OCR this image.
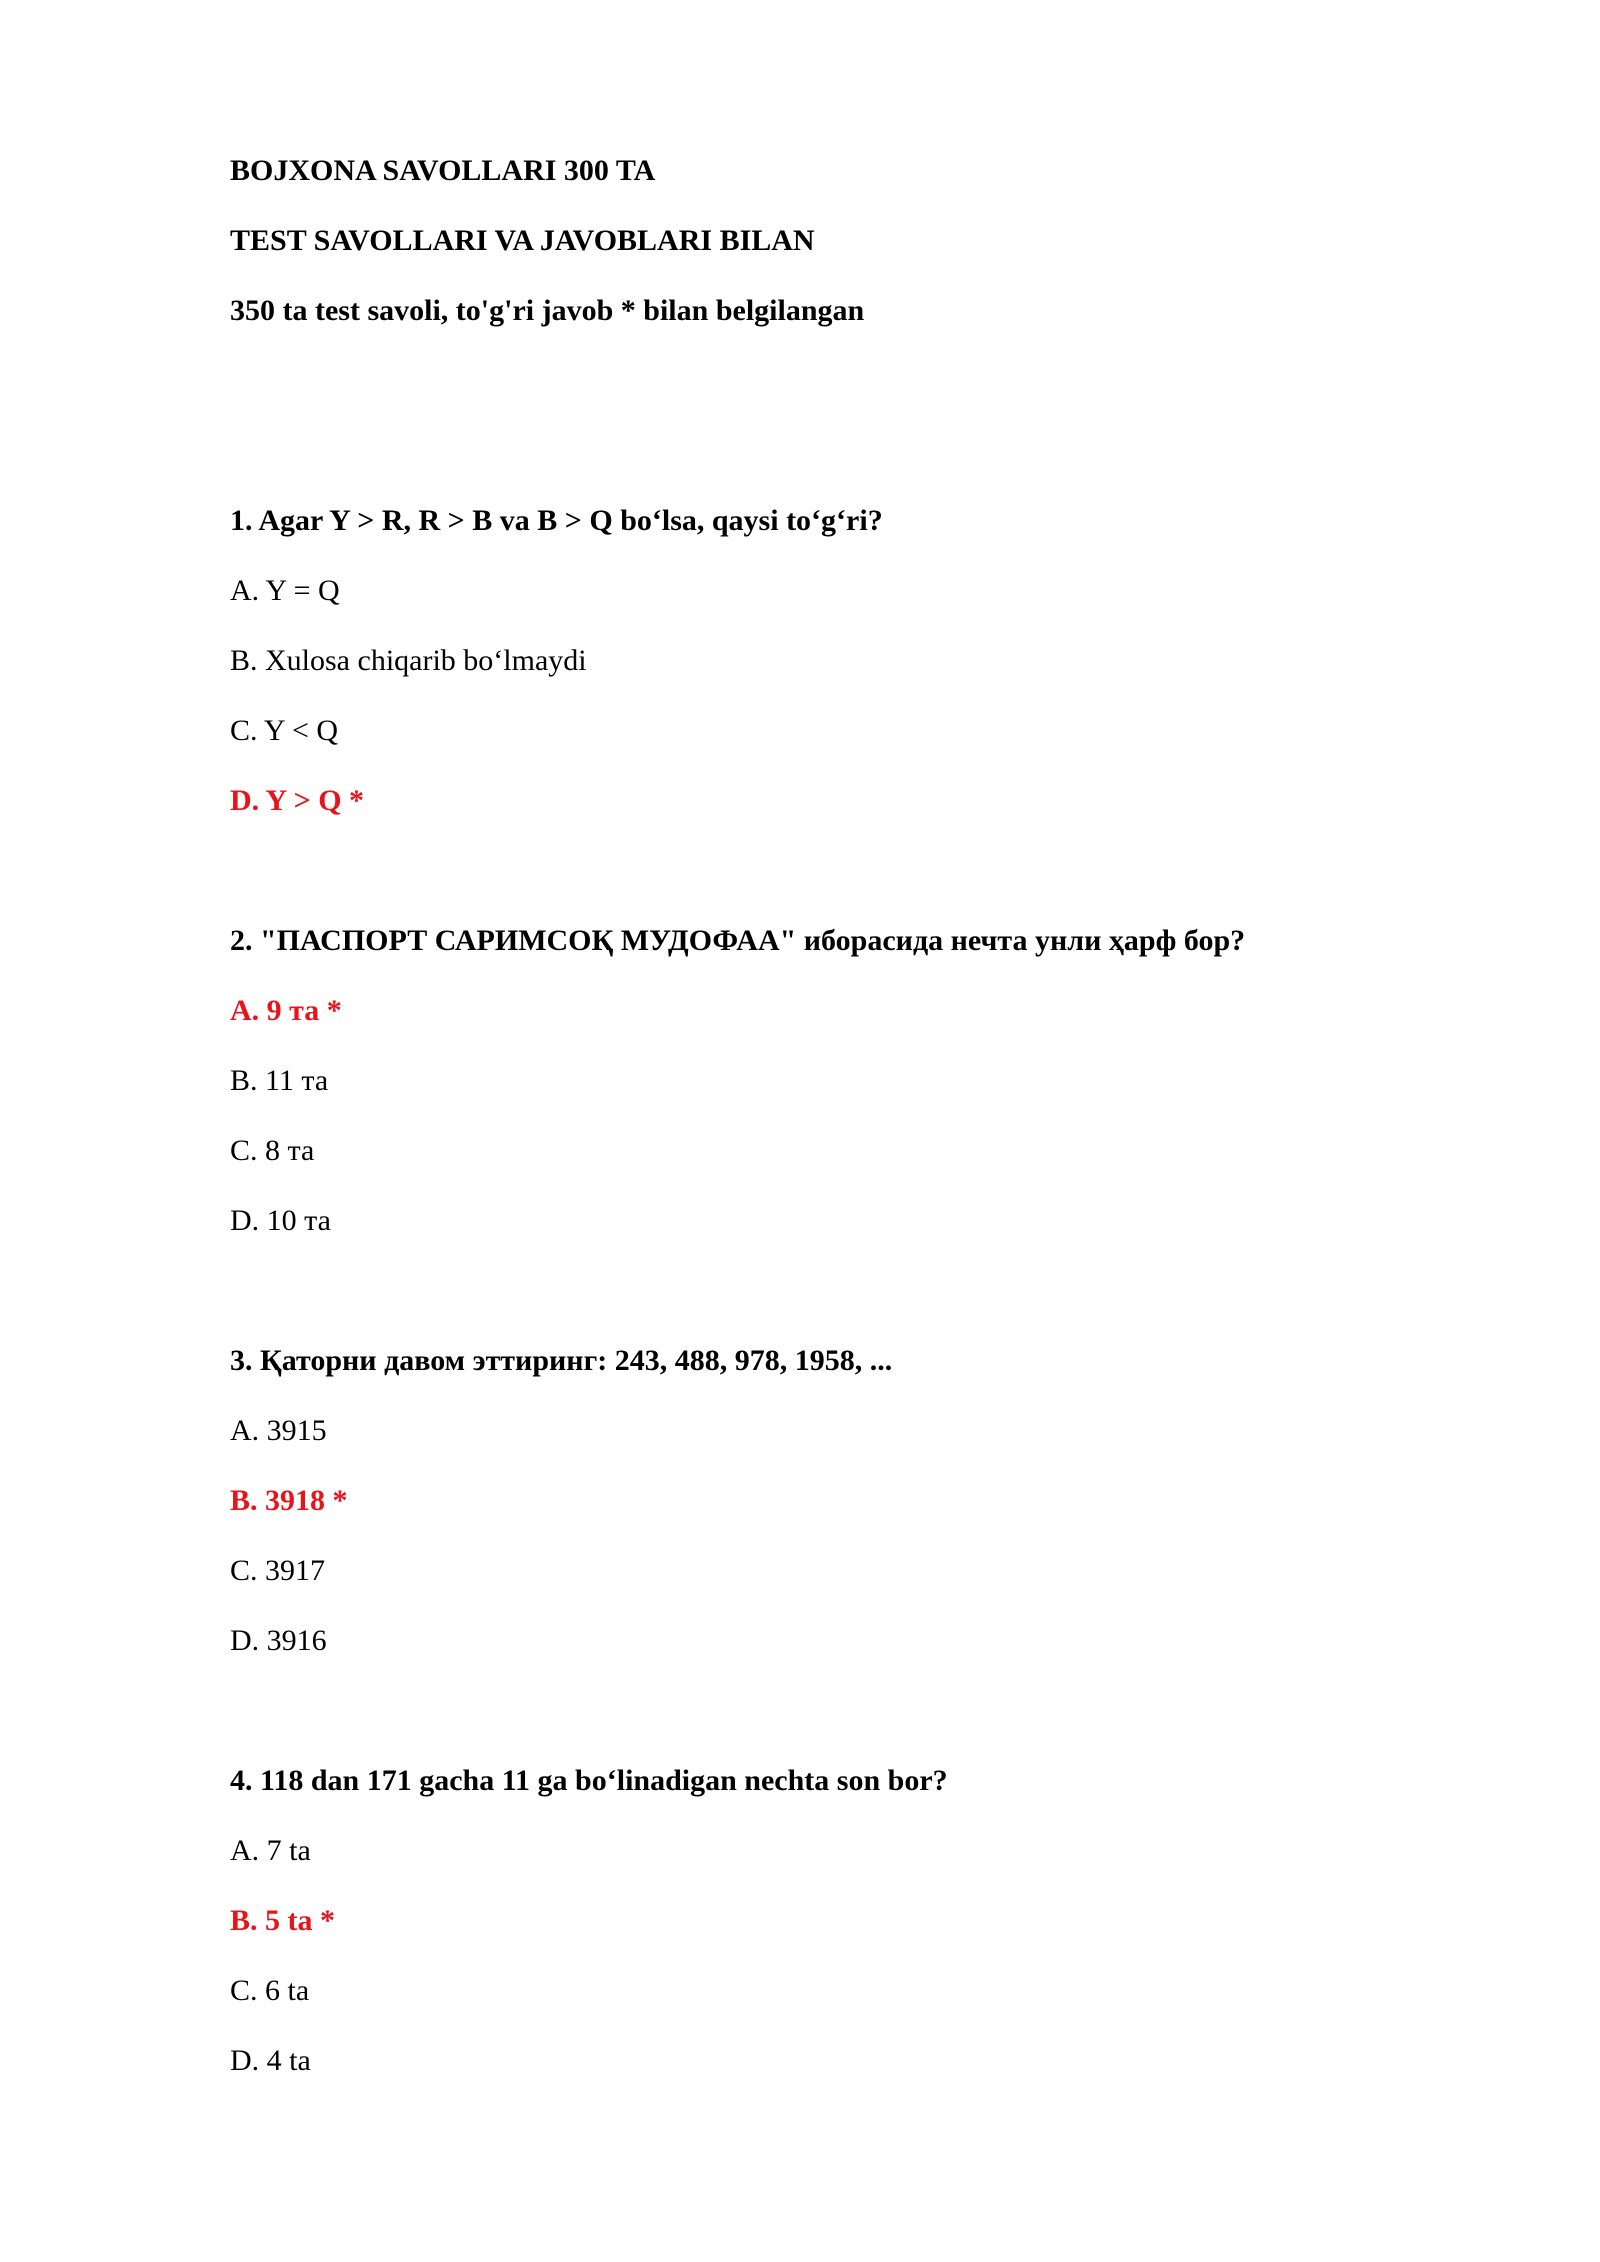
BOJXONA SAVOLLARI 300 TA
TEST SAVOLLARI VA JAVOBLARI BILAN
350 ta test savoli, to'g'ri javob * bilan belgilangan
1. Agar Y > R, R > B va B > Q bo‘lsa, qaysi to‘g‘ri?
A. Y = Q
B. Xulosa chiqarib bo‘lmaydi
C. Y < Q
D. Y > Q *
2. "ПАСПОРТ САРИМСОҚ МУДОФАА" иборасида нечта унли ҳарф бор?
A. 9 та *
B. 11 та
C. 8 та
D. 10 та
3. Қаторни давом эттиринг: 243, 488, 978, 1958, ...
A. 3915
B. 3918 *
C. 3917
D. 3916
4. 118 dan 171 gacha 11 ga bo‘linadigan nechta son bor?
A. 7 ta
B. 5 ta *
C. 6 ta
D. 4 ta
